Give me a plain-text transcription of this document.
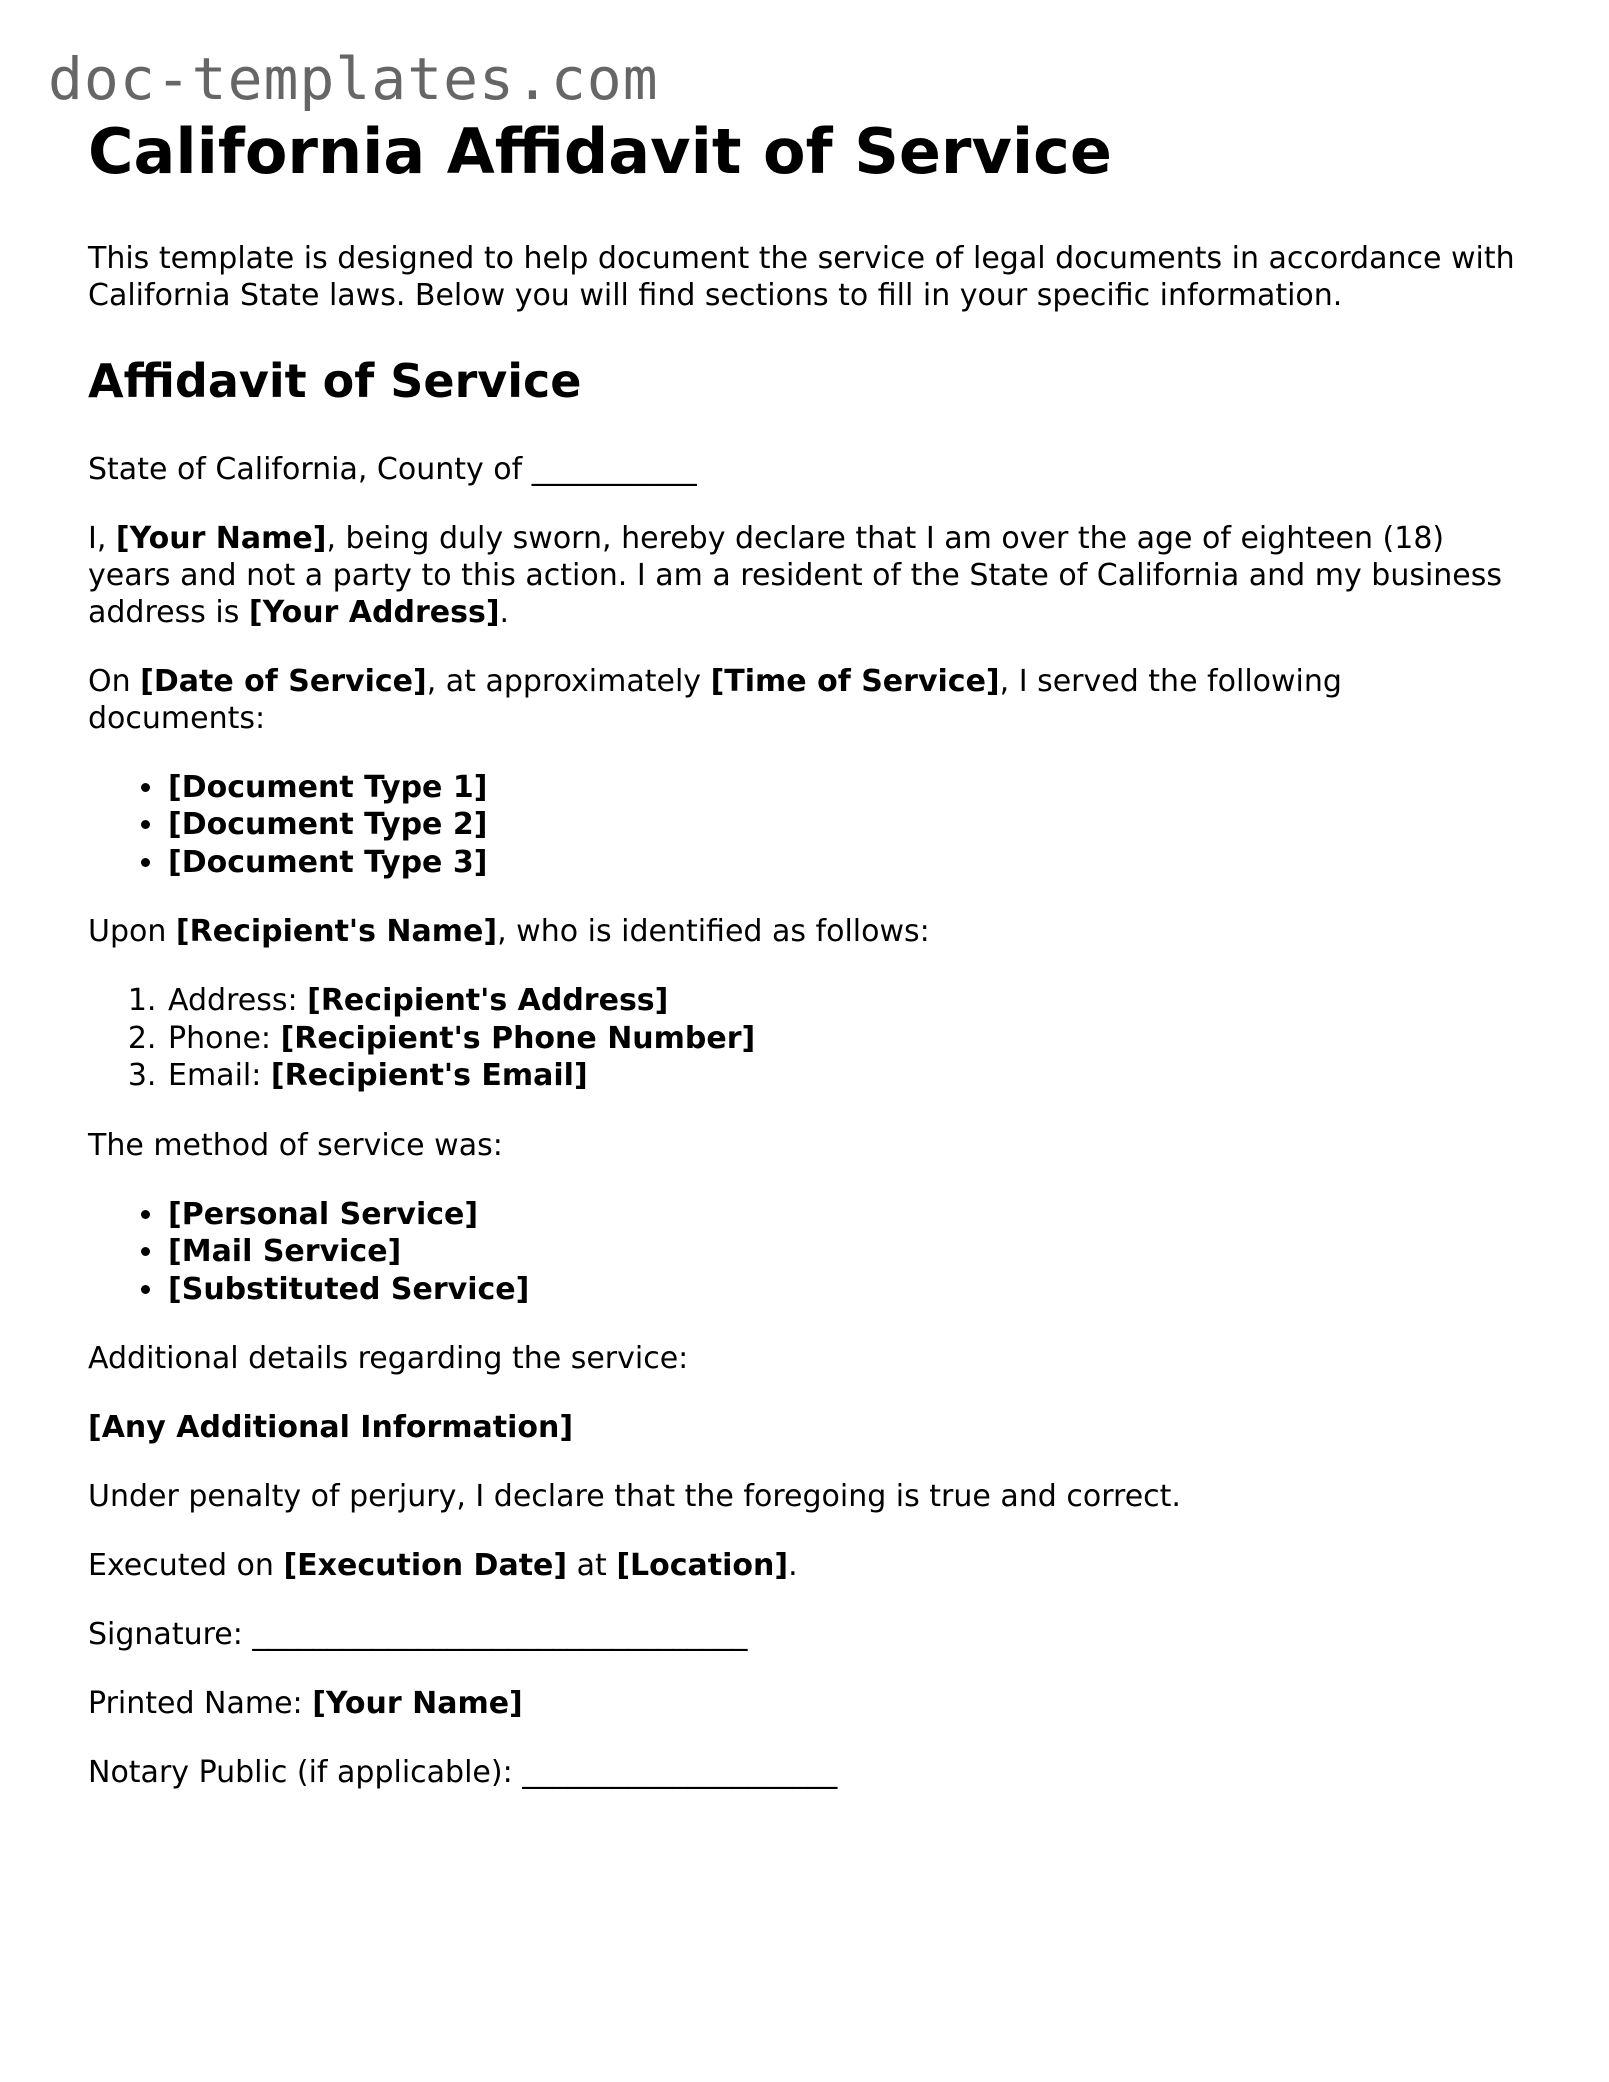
doc-templates.com
California Affidavit of Service

This template is designed to help document the service of legal documents in accordance with California State laws. Below you will find sections to fill in your specific information.

Affidavit of Service

State of California, County of ___________

I, [Your Name], being duly sworn, hereby declare that I am over the age of eighteen (18) years and not a party to this action. I am a resident of the State of California and my business address is [Your Address].

On [Date of Service], at approximately [Time of Service], I served the following documents:

• [Document Type 1]
• [Document Type 2]
• [Document Type 3]

Upon [Recipient's Name], who is identified as follows:

1. Address: [Recipient's Address]
2. Phone: [Recipient's Phone Number]
3. Email: [Recipient's Email]

The method of service was:

• [Personal Service]
• [Mail Service]
• [Substituted Service]

Additional details regarding the service:

[Any Additional Information]

Under penalty of perjury, I declare that the foregoing is true and correct.

Executed on [Execution Date] at [Location].

Signature: _________________________________

Printed Name: [Your Name]

Notary Public (if applicable): _____________________
